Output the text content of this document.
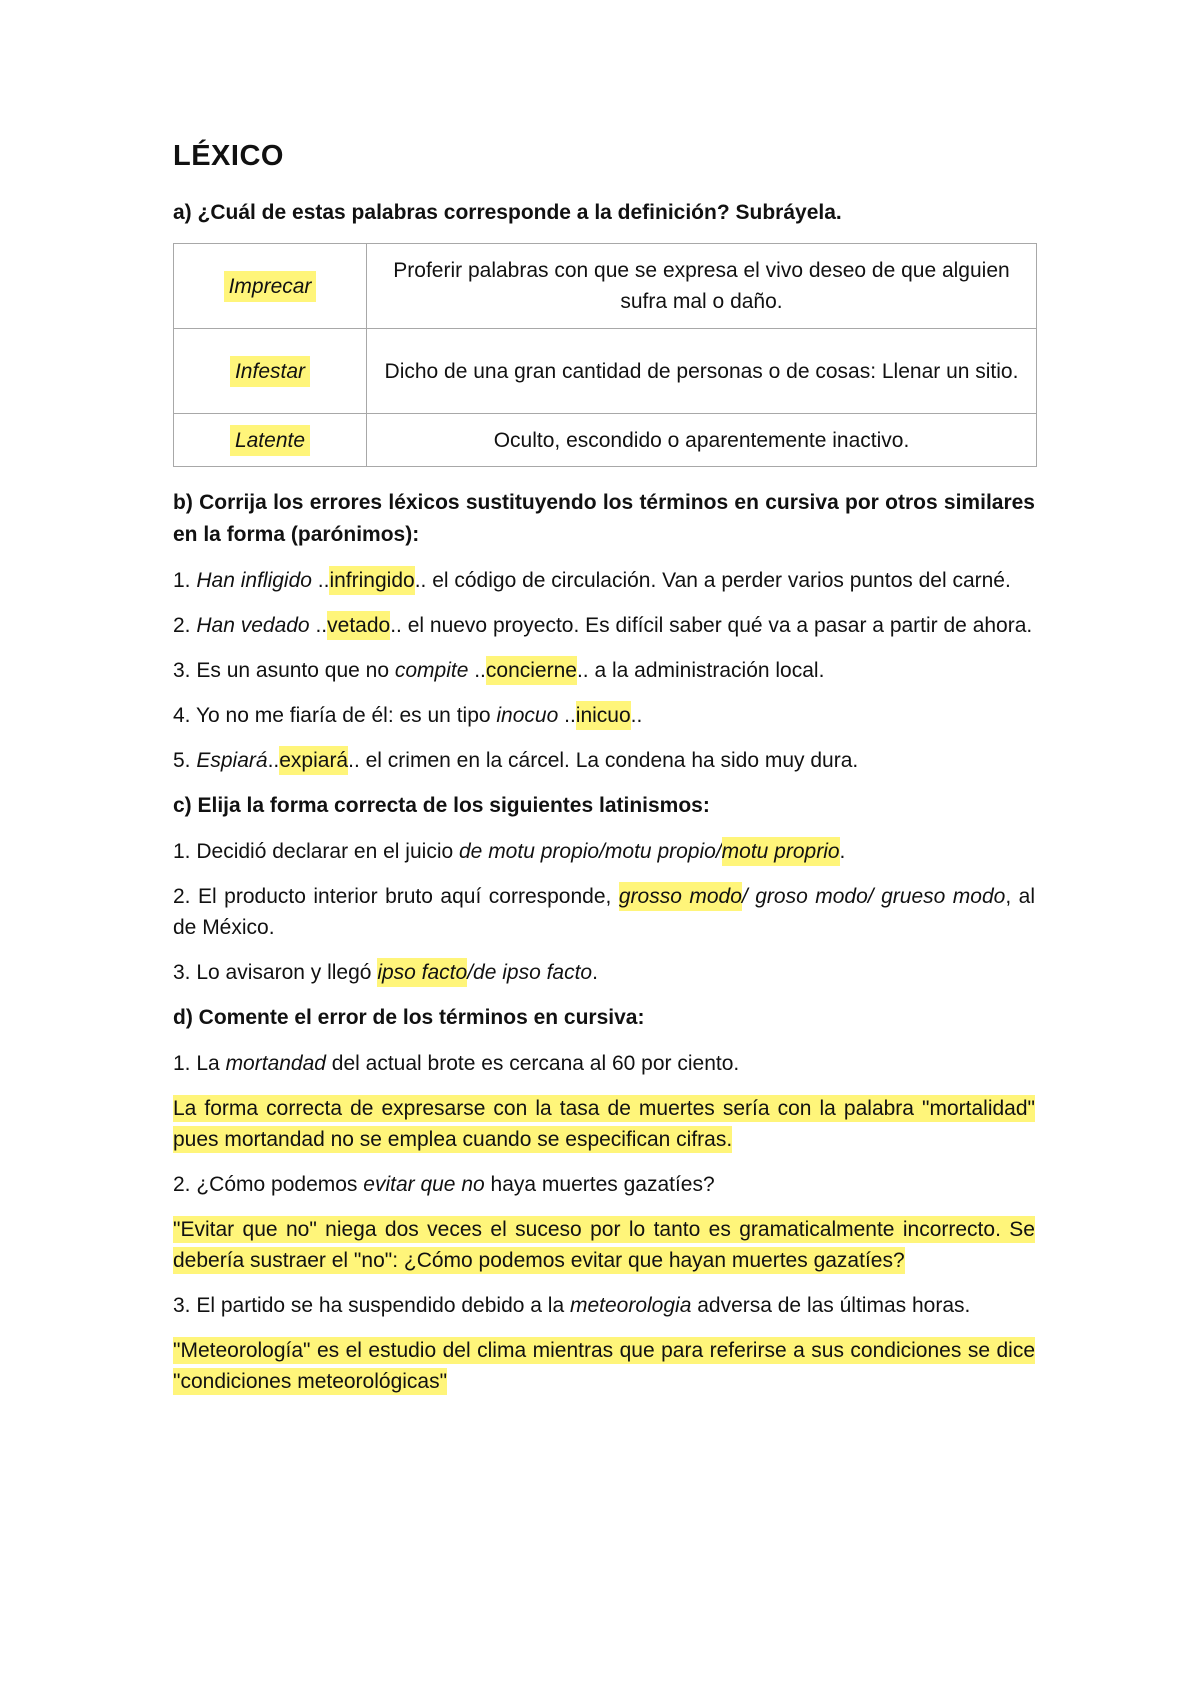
LÉXICO
a) ¿Cuál de estas palabras corresponde a la definición? Subráyela.
Imprecar	Proferir palabras con que se expresa el vivo deseo de que alguien sufra mal o daño.
Infestar	Dicho de una gran cantidad de personas o de cosas: Llenar un sitio.
Latente	Oculto, escondido o aparentemente inactivo.
b) Corrija los errores léxicos sustituyendo los términos en cursiva por otros similares en la forma (parónimos):
1. Han infligido ..infringido.. el código de circulación. Van a perder varios puntos del carné.
2. Han vedado ..vetado.. el nuevo proyecto. Es difícil saber qué va a pasar a partir de ahora.
3. Es un asunto que no compite ..concierne.. a la administración local.
4. Yo no me fiaría de él: es un tipo inocuo ..inicuo..
5. Espiará..expiará.. el crimen en la cárcel. La condena ha sido muy dura.
c) Elija la forma correcta de los siguientes latinismos:
1. Decidió declarar en el juicio de motu propio/motu propio/motu proprio.
2. El producto interior bruto aquí corresponde, grosso modo/ groso modo/ grueso modo, al de México.
3. Lo avisaron y llegó ipso facto/de ipso facto.
d) Comente el error de los términos en cursiva:
1. La mortandad del actual brote es cercana al 60 por ciento.
La forma correcta de expresarse con la tasa de muertes sería con la palabra "mortalidad" pues mortandad no se emplea cuando se especifican cifras.
2. ¿Cómo podemos evitar que no haya muertes gazatíes?
"Evitar que no" niega dos veces el suceso por lo tanto es gramaticalmente incorrecto. Se debería sustraer el "no": ¿Cómo podemos evitar que hayan muertes gazatíes?
3. El partido se ha suspendido debido a la meteorologia adversa de las últimas horas.
"Meteorología" es el estudio del clima mientras que para referirse a sus condiciones se dice "condiciones meteorológicas"
